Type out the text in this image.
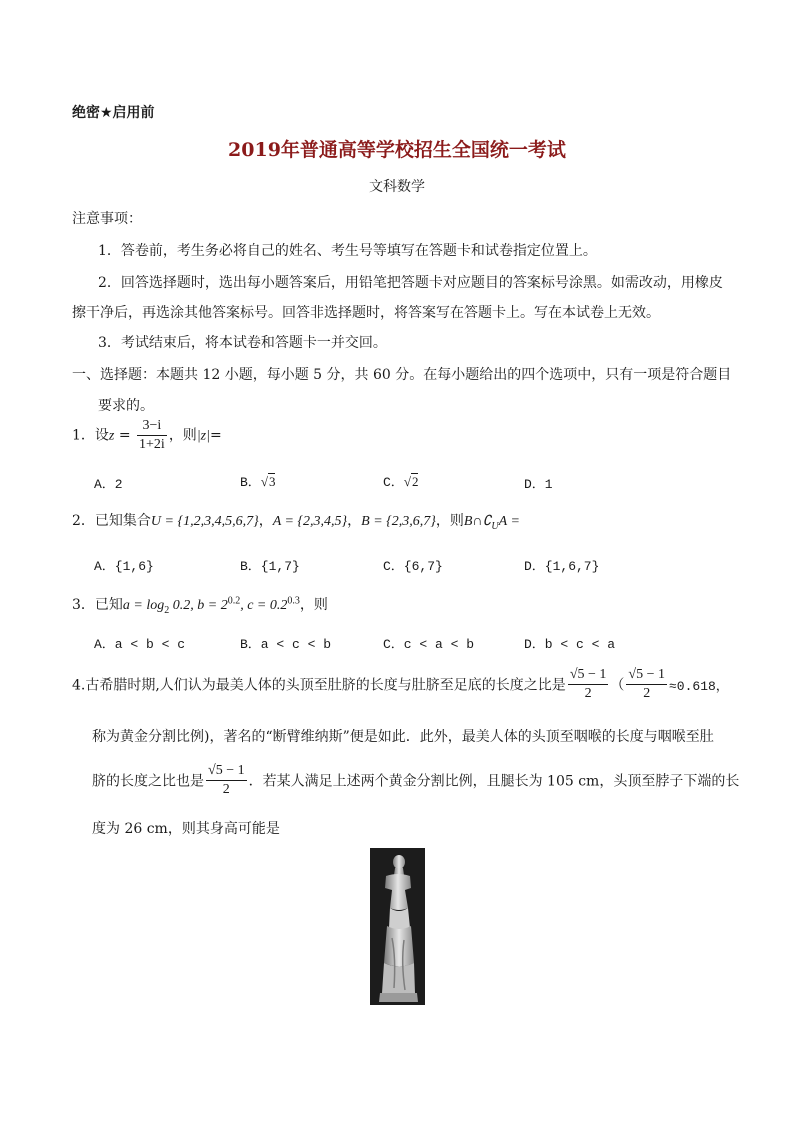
绝密★启用前
2019年普通高等学校招生全国统一考试
文科数学
注意事项：
1．答卷前，考生务必将自己的姓名、考生号等填写在答题卡和试卷指定位置上。
2．回答选择题时，选出每小题答案后，用铅笔把答题卡对应题目的答案标号涂黑。如需改动，用橡皮
擦干净后，再选涂其他答案标号。回答非选择题时，将答案写在答题卡上。写在本试卷上无效。
3．考试结束后，将本试卷和答题卡一并交回。
一、选择题：本题共 12 小题，每小题 5 分，共 60 分。在每小题给出的四个选项中，只有一项是符合题目
要求的。
1．设$z = \frac{3-i}{1+2i}$ ，则|z|=
A．2	B．√3	C．√2	D．1
2．已知集合U = {1,2,3,4,5,6,7}，A = {2,3,4,5}，B = {2,3,6,7}，则$B\cap∁_UA$ =
A．{1,6}	B．{1,7}	C．{6,7}	D．{1,6,7}
3．已知$a = \log_2 0.2$, $b = 2^{0.2}$, $c = 0.2^{0.3}$，则
A．a < b < c	B．a < c < b	C．c < a < b	D．b < c < a
4.古希腊时期,人们认为最美人体的头顶至肚脐的长度与肚脐至足底的长度之比是 $\frac{√5 - 1}{2}$ （ $\frac{√5 - 1}{2} \approx 0.618$，
称为黄金分割比例)，著名的“断臂维纳斯”便是如此．此外，最美人体的头顶至咽喉的长度与咽喉至肚
脐的长度之比也是 $\frac{√5 - 1}{2}$ ．若某人满足上述两个黄金分割比例，且腿长为 105 cm，头顶至脖子下端的长
度为 26 cm，则其身高可能是
